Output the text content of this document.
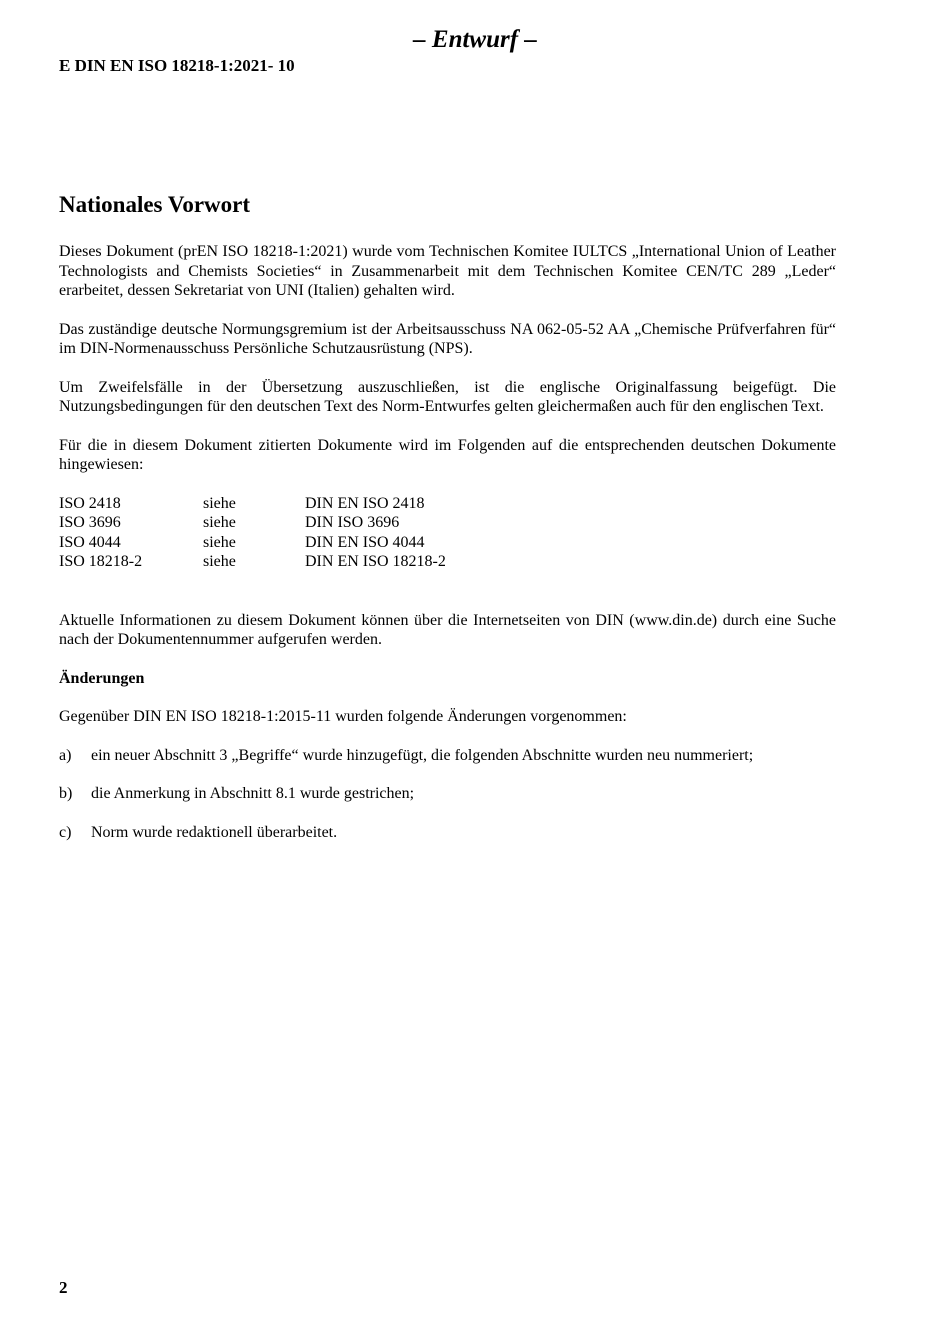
– Entwurf –
E DIN EN ISO 18218-1:2021- 10
Nationales Vorwort

Dieses Dokument (prEN ISO 18218-1:2021) wurde vom Technischen Komitee IULTCS „International Union of Leather Technologists and Chemists Societies“ in Zusammenarbeit mit dem Technischen Komitee CEN/TC 289 „Leder“ erarbeitet, dessen Sekretariat von UNI (Italien) gehalten wird.

Das zuständige deutsche Normungsgremium ist der Arbeitsausschuss NA 062-05-52 AA „Chemische Prüfverfahren für“ im DIN-Normenausschuss Persönliche Schutzausrüstung (NPS).

Um Zweifelsfälle in der Übersetzung auszuschließen, ist die englische Originalfassung beigefügt. Die Nutzungsbedingungen für den deutschen Text des Norm-Entwurfes gelten gleichermaßen auch für den englischen Text.

Für die in diesem Dokument zitierten Dokumente wird im Folgenden auf die entsprechenden deutschen Dokumente hingewiesen:

ISO 2418	siehe	DIN EN ISO 2418
ISO 3696	siehe	DIN ISO 3696
ISO 4044	siehe	DIN EN ISO 4044
ISO 18218-2	siehe	DIN EN ISO 18218-2

Aktuelle Informationen zu diesem Dokument können über die Internetseiten von DIN (www.din.de) durch eine Suche nach der Dokumentennummer aufgerufen werden.

Änderungen

Gegenüber DIN EN ISO 18218-1:2015-11 wurden folgende Änderungen vorgenommen:

a)	ein neuer Abschnitt 3 „Begriffe“ wurde hinzugefügt, die folgenden Abschnitte wurden neu nummeriert;
b)	die Anmerkung in Abschnitt 8.1 wurde gestrichen;
c)	Norm wurde redaktionell überarbeitet.
2
